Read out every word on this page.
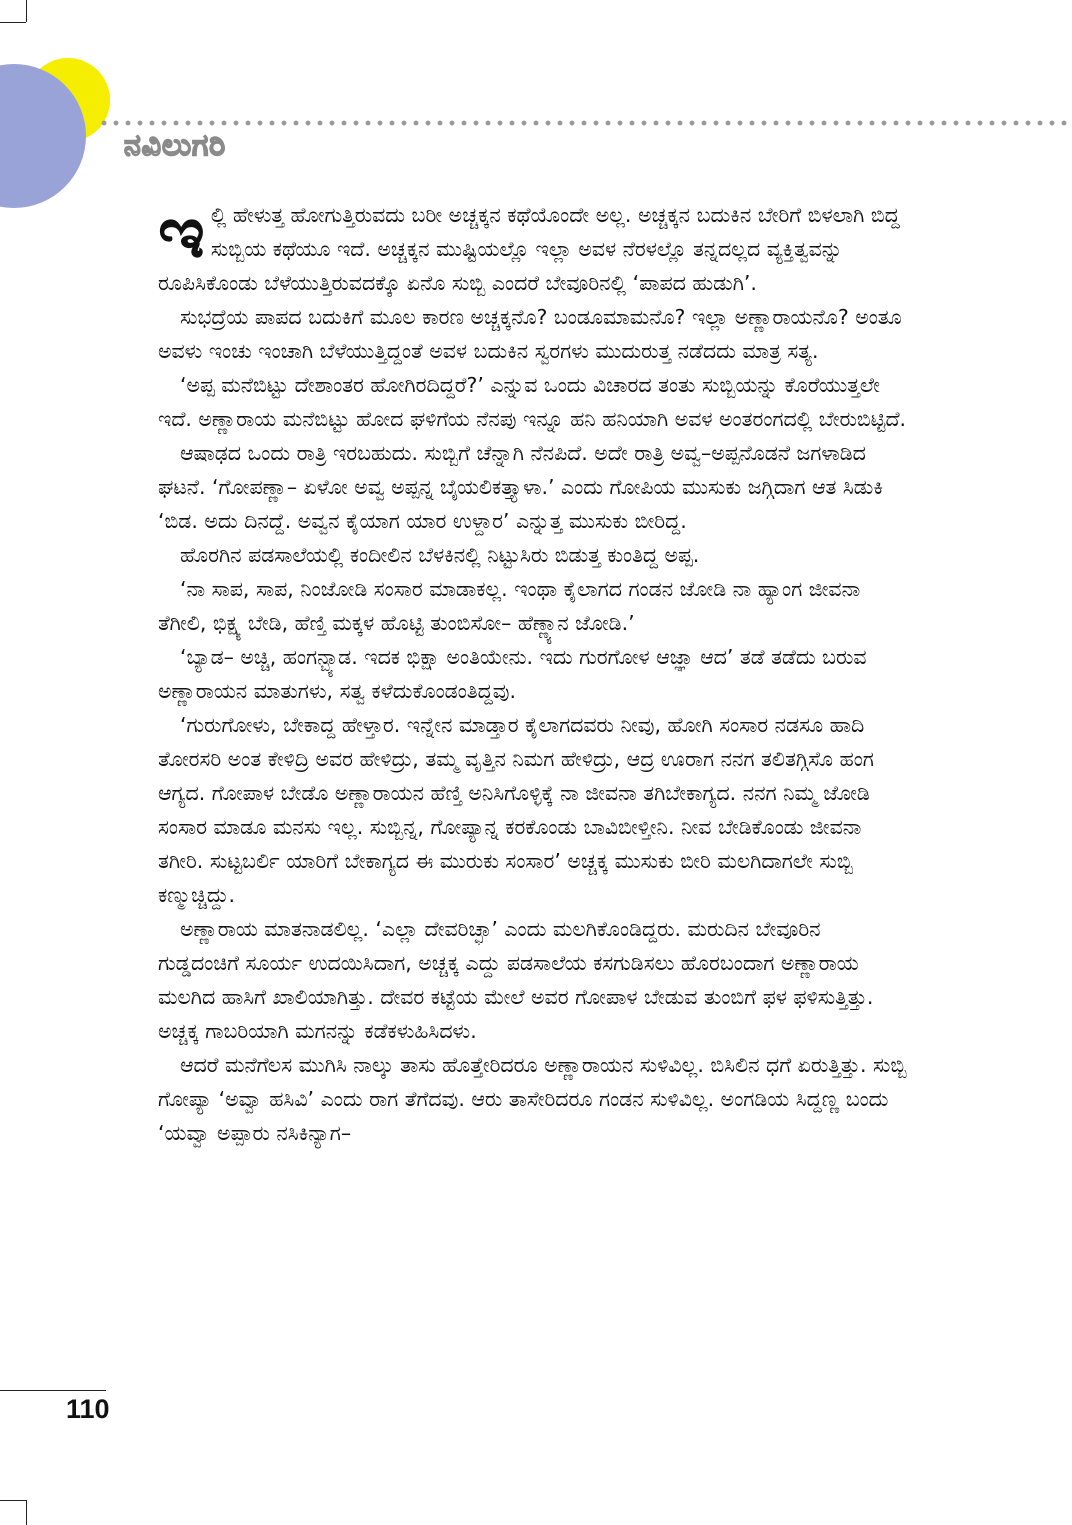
ನವಿಲುಗರಿ

ಇಲ್ಲಿ ಹೇಳುತ್ತ ಹೋಗುತ್ತಿರುವದು ಬರೀ ಅಚ್ಚಕ್ಕನ ಕಥೆಯೊಂದೇ ಅಲ್ಲ. ಅಚ್ಚಕ್ಕನ ಬದುಕಿನ ಬೇರಿಗೆ ಬಿಳಲಾಗಿ ಬಿದ್ದ ಸುಬ್ಬಿಯ ಕಥೆಯೂ ಇದೆ. ಅಚ್ಚಕ್ಕನ ಮುಷ್ಟಿಯಲ್ಲೊ ಇಲ್ಲಾ ಅವಳ ನೆರಳಲ್ಲೊ ತನ್ನದಲ್ಲದ ವ್ಯಕ್ತಿತ್ವವನ್ನು ರೂಪಿಸಿಕೊಂಡು ಬೆಳೆಯುತ್ತಿರುವದಕ್ಕೊ ಏನೊ ಸುಬ್ಬಿ ಎಂದರೆ ಬೇವೂರಿನಲ್ಲಿ ‘ಪಾಪದ ಹುಡುಗಿ’.

ಸುಭದ್ರೆಯ ಪಾಪದ ಬದುಕಿಗೆ ಮೂಲ ಕಾರಣ ಅಚ್ಚಕ್ಕನೊ? ಬಂಡೂಮಾಮನೊ? ಇಲ್ಲಾ ಅಣ್ಣಾರಾಯನೊ? ಅಂತೂ ಅವಳು ಇಂಚು ಇಂಚಾಗಿ ಬೆಳೆಯುತ್ತಿದ್ದಂತೆ ಅವಳ ಬದುಕಿನ ಸ್ವರಗಳು ಮುದುರುತ್ತ ನಡೆದದು ಮಾತ್ರ ಸತ್ಯ.

‘ಅಪ್ಪ ಮನೆಬಿಟ್ಟು ದೇಶಾಂತರ ಹೋಗಿರದಿದ್ದರೆ?’ ಎನ್ನುವ ಒಂದು ವಿಚಾರದ ತಂತು ಸುಬ್ಬಿಯನ್ನು ಕೊರೆಯುತ್ತಲೇ ಇದೆ. ಅಣ್ಣಾರಾಯ ಮನೆಬಿಟ್ಟು ಹೋದ ಘಳಿಗೆಯ ನೆನಪು ಇನ್ನೂ ಹನಿ ಹನಿಯಾಗಿ ಅವಳ ಅಂತರಂಗದಲ್ಲಿ ಬೇರುಬಿಟ್ಟಿದೆ.

ಆಷಾಢದ ಒಂದು ರಾತ್ರಿ ಇರಬಹುದು. ಸುಬ್ಬಿಗೆ ಚೆನ್ನಾಗಿ ನೆನಪಿದೆ. ಅದೇ ರಾತ್ರಿ ಅವ್ವ–ಅಪ್ಪನೊಡನೆ ಜಗಳಾಡಿದ ಘಟನೆ. ‘ಗೋಪಣ್ಣಾ– ಏಳೋ ಅವ್ವ ಅಪ್ಪನ್ನ ಬೈಯಲಿಕತ್ತ್ಯಾಳಾ.’ ಎಂದು ಗೋಪಿಯ ಮುಸುಕು ಜಗ್ಗಿದಾಗ ಆತ ಸಿಡುಕಿ ‘ಬಿಡ. ಅದು ದಿನದ್ದೆ. ಅವ್ವನ ಕೈಯಾಗ ಯಾರ ಉಳ್ದಾರ’ ಎನ್ನುತ್ತ ಮುಸುಕು ಬೀರಿದ್ದ.

ಹೊರಗಿನ ಪಡಸಾಲೆಯಲ್ಲಿ ಕಂದೀಲಿನ ಬೆಳಕಿನಲ್ಲಿ ನಿಟ್ಟುಸಿರು ಬಿಡುತ್ತ ಕುಂತಿದ್ದ ಅಪ್ಪ.

‘ನಾ ಸಾಪ, ಸಾಪ, ನಿಂಜೋಡಿ ಸಂಸಾರ ಮಾಡಾಕಲ್ಲ. ಇಂಥಾ ಕೈಲಾಗದ ಗಂಡನ ಜೋಡಿ ನಾ ಹ್ಯಾಂಗ ಜೀವನಾ ತೆಗೀಲಿ, ಭಿಕ್ಷ್ಯ ಬೇಡಿ, ಹೆಣ್ತಿ ಮಕ್ಕಳ ಹೊಟ್ಟಿ ತುಂಬಿಸೋ– ಹೆಣ್ಣ್ಯಾನ ಜೋಡಿ.’

‘ಬ್ಯಾಡ– ಅಚ್ಚಿ, ಹಂಗನ್ಬ್ಯಾಡ. ಇದಕ ಭಿಕ್ಷಾ ಅಂತಿಯೇನು. ಇದು ಗುರಗೋಳ ಆಜ್ಞಾ ಆದ’ ತಡೆ ತಡೆದು ಬರುವ ಅಣ್ಣಾರಾಯನ ಮಾತುಗಳು, ಸತ್ವ ಕಳೆದುಕೊಂಡಂತಿದ್ದವು.

‘ಗುರುಗೋಳು, ಬೇಕಾದ್ದ ಹೇಳ್ತಾರ. ಇನ್ನೇನ ಮಾಡ್ತಾರ ಕೈಲಾಗದವರು ನೀವು, ಹೋಗಿ ಸಂಸಾರ ನಡಸೂ ಹಾದಿ ತೋರಸರಿ ಅಂತ ಕೇಳಿದ್ರಿ ಅವರ ಹೇಳಿದ್ರು, ತಮ್ಮ ವೃತ್ತಿನ ನಿಮಗ ಹೇಳಿದ್ರು, ಆದ್ರ ಊರಾಗ ನನಗ ತಲಿತಗ್ಗಿಸೊ ಹಂಗ ಆಗ್ಯದ. ಗೋಪಾಳ ಬೇಡೊ ಅಣ್ಣಾರಾಯನ ಹೆಣ್ತಿ ಅನಿಸಿಗೊಳ್ಳಿಕ್ಕೆ ನಾ ಜೀವನಾ ತಗಿಬೇಕಾಗ್ಯದ. ನನಗ ನಿಮ್ಮ ಜೋಡಿ ಸಂಸಾರ ಮಾಡೂ ಮನಸು ಇಲ್ಲ. ಸುಬ್ಬಿನ್ನ, ಗೋಪ್ಯಾನ್ನ ಕರಕೊಂಡು ಬಾವಿಬೀಳ್ತೀನಿ. ನೀವ ಬೇಡಿಕೊಂಡು ಜೀವನಾ ತಗೀರಿ. ಸುಟ್ಟಬರ್ಲಿ ಯಾರಿಗೆ ಬೇಕಾಗ್ಯದ ಈ ಮುರುಕು ಸಂಸಾರ’ ಅಚ್ಚಕ್ಕ ಮುಸುಕು ಬೀರಿ ಮಲಗಿದಾಗಲೇ ಸುಬ್ಬಿ ಕಣ್ಮುಚ್ಚಿದ್ದು.

ಅಣ್ಣಾರಾಯ ಮಾತನಾಡಲಿಲ್ಲ. ‘ಎಲ್ಲಾ ದೇವರಿಚ್ಛಾ’ ಎಂದು ಮಲಗಿಕೊಂಡಿದ್ದರು. ಮರುದಿನ ಬೇವೂರಿನ ಗುಡ್ಡದಂಚಿಗೆ ಸೂರ್ಯ ಉದಯಿಸಿದಾಗ, ಅಚ್ಚಕ್ಕ ಎದ್ದು ಪಡಸಾಲೆಯ ಕಸಗುಡಿಸಲು ಹೊರಬಂದಾಗ ಅಣ್ಣಾರಾಯ ಮಲಗಿದ ಹಾಸಿಗೆ ಖಾಲಿಯಾಗಿತ್ತು. ದೇವರ ಕಟ್ಟೆಯ ಮೇಲೆ ಅವರ ಗೋಪಾಳ ಬೇಡುವ ತುಂಬಿಗೆ ಫಳ ಫಳಿಸುತ್ತಿತ್ತು. ಅಚ್ಚಕ್ಕ ಗಾಬರಿಯಾಗಿ ಮಗನನ್ನು ಕಡೆಕಳುಹಿಸಿದಳು.

ಆದರೆ ಮನೆಗೆಲಸ ಮುಗಿಸಿ ನಾಲ್ಕು ತಾಸು ಹೊತ್ತೇರಿದರೂ ಅಣ್ಣಾರಾಯನ ಸುಳಿವಿಲ್ಲ. ಬಿಸಿಲಿನ ಧಗೆ ಏರುತ್ತಿತ್ತು. ಸುಬ್ಬಿ ಗೋಪ್ಯಾ ‘ಅವ್ವಾ ಹಸಿವಿ’ ಎಂದು ರಾಗ ತೆಗೆದವು. ಆರು ತಾಸೇರಿದರೂ ಗಂಡನ ಸುಳಿವಿಲ್ಲ. ಅಂಗಡಿಯ ಸಿದ್ದಣ್ಣ ಬಂದು ‘ಯವ್ವಾ ಅಪ್ಪಾರು ನಸಿಕಿನ್ಯಾಗ–

110
